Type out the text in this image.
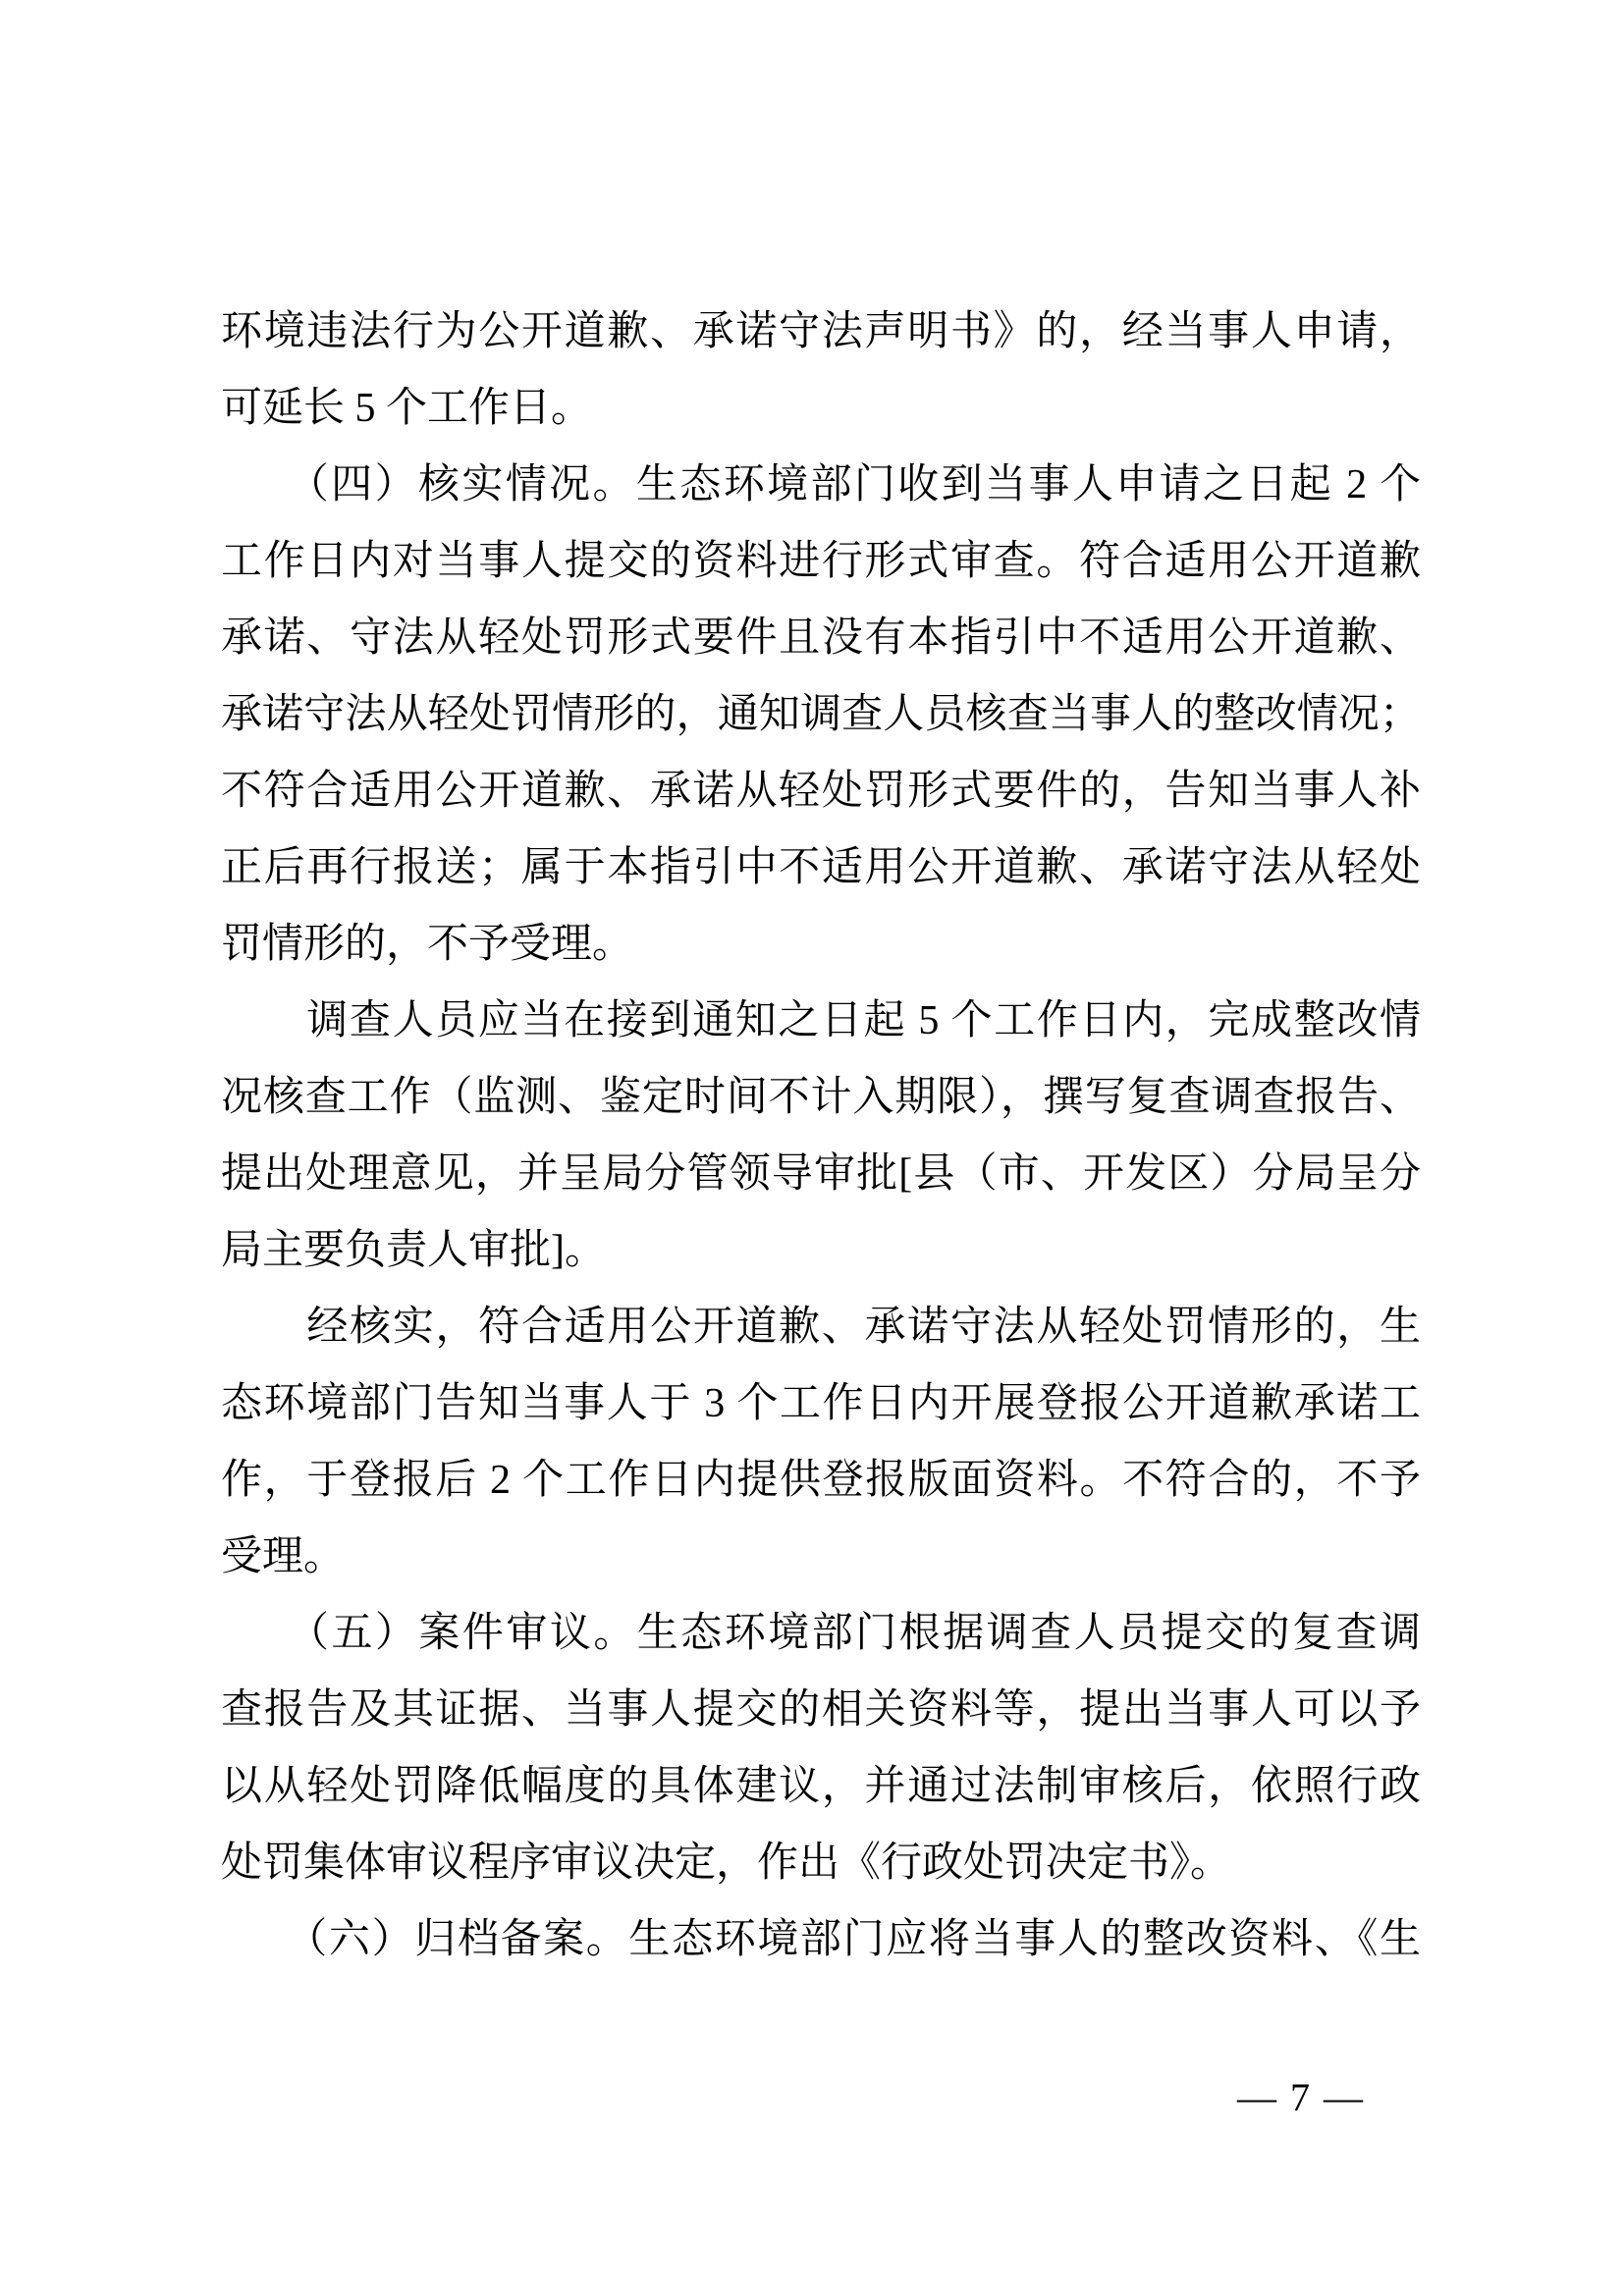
环境违法行为公开道歉、承诺守法声明书》的，经当事人申请，
可延长 5 个工作日。
　　（四）核实情况。生态环境部门收到当事人申请之日起 2 个
工作日内对当事人提交的资料进行形式审查。符合适用公开道歉
承诺、守法从轻处罚形式要件且没有本指引中不适用公开道歉、
承诺守法从轻处罚情形的，通知调查人员核查当事人的整改情况；
不符合适用公开道歉、承诺从轻处罚形式要件的，告知当事人补
正后再行报送；属于本指引中不适用公开道歉、承诺守法从轻处
罚情形的，不予受理。
　　调查人员应当在接到通知之日起 5 个工作日内，完成整改情
况核查工作（监测、鉴定时间不计入期限），撰写复查调查报告、
提出处理意见，并呈局分管领导审批[县（市、开发区）分局呈分
局主要负责人审批]。
　　经核实，符合适用公开道歉、承诺守法从轻处罚情形的，生
态环境部门告知当事人于 3 个工作日内开展登报公开道歉承诺工
作，于登报后 2 个工作日内提供登报版面资料。不符合的，不予
受理。
　　（五）案件审议。生态环境部门根据调查人员提交的复查调
查报告及其证据、当事人提交的相关资料等，提出当事人可以予
以从轻处罚降低幅度的具体建议，并通过法制审核后，依照行政
处罚集体审议程序审议决定，作出《行政处罚决定书》。
　　（六）归档备案。生态环境部门应将当事人的整改资料、《生
— 7 —
